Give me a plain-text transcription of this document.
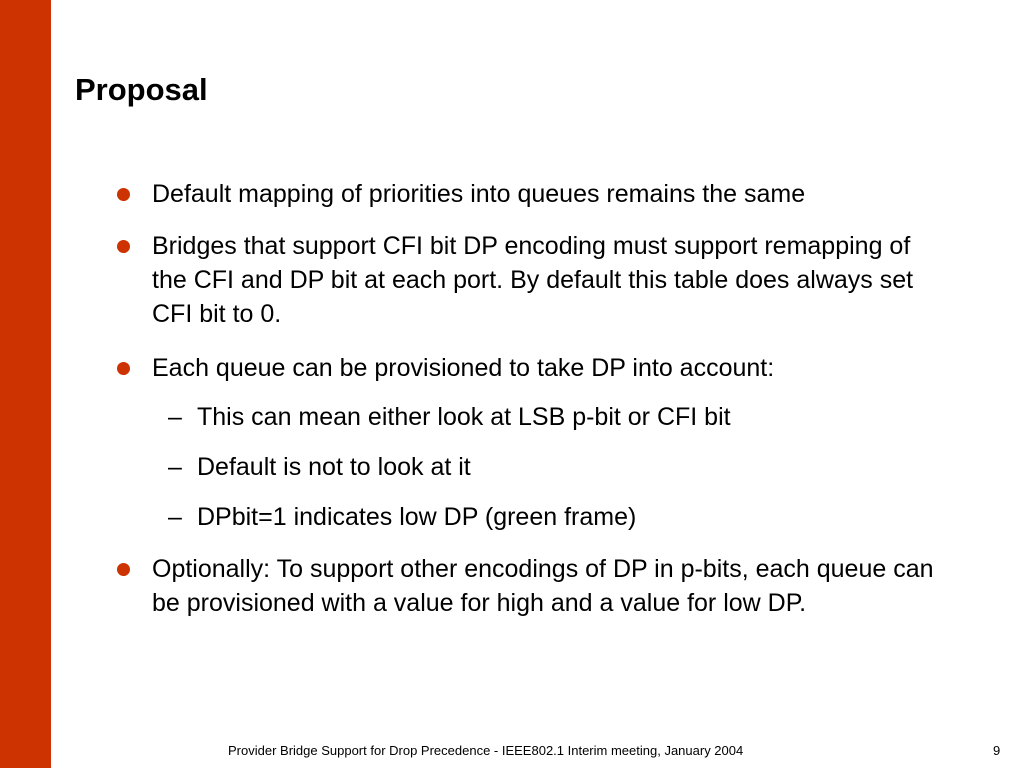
Proposal
Default mapping of priorities into queues remains the same
Bridges that support CFI bit DP encoding must support remapping of the CFI and DP bit at each port. By default this table does always set CFI bit to 0.
Each queue can be provisioned to take DP into account:
– This can mean either look at LSB p-bit or CFI bit
– Default is not to look at it
– DPbit=1 indicates low DP (green frame)
Optionally: To support other encodings of DP in p-bits, each queue can be provisioned with a value for high and a value for low DP.
Provider Bridge Support for Drop Precedence - IEEE802.1 Interim meeting, January 2004	9
